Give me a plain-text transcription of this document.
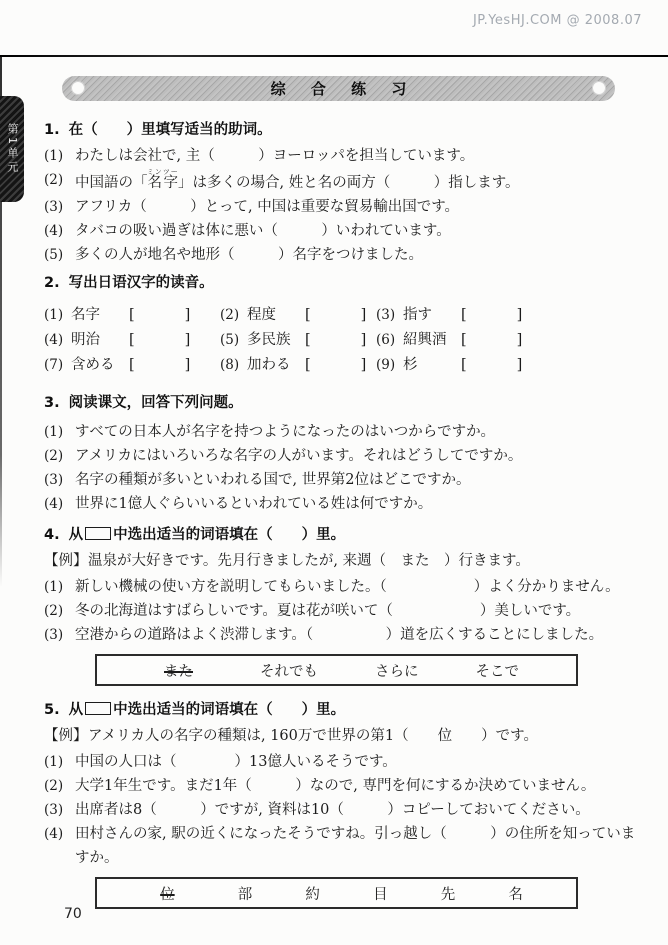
JP.YesHJ.COM @ 2008.07
第1单元
综 合 练 习
1. 在（　　）里填写适当的助词。
(1) わたしは会社で, 主（　　　）ヨーロッパを担当しています。
(2) 中国語の「名字ミンツー」は多くの場合, 姓と名の両方（　　　）指します。
(3) アフリカ（　　　）とって, 中国は重要な貿易輸出国です。
(4) タバコの吸い過ぎは体に悪い（　　　）いわれています。
(5) 多くの人が地名や地形（　　　）名字をつけました。
2. 写出日语汉字的读音。
(1) 名字	[	] (2) 程度	[	] (3) 指す	[	]
(4) 明治	[	] (5) 多民族	[	] (6) 紹興酒	[	]
(7) 含める	[	] (8) 加わる	[	] (9) 杉	[	]
3. 阅读课文，回答下列问题。
(1) すべての日本人が名字を持つようになったのはいつからですか。
(2) アメリカにはいろいろな名字の人がいます。それはどうしてですか。
(3) 名字の種類が多いといわれる国で, 世界第2位はどこですか。
(4) 世界に1億人ぐらいいるといわれている姓は何ですか。
4. 从 中选出适当的词语填在（　　）里。
【例】 温泉が大好きです。先月行きましたが, 来週（　また　）行きます。
(1) 新しい機械の使い方を説明してもらいました。（　　　　　　）よく分かりません。
(2) 冬の北海道はすばらしいです。夏は花が咲いて（　　　　　　）美しいです。
(3) 空港からの道路はよく渋滞します。（　　　　　）道を広くすることにしました。
また	それでも	さらに	そこで
5. 从 中选出适当的词语填在（　　）里。
【例】 アメリカ人の名字の種類は, 160万で世界の第1（　　位　　）です。
(1) 中国の人口は（　　　　）13億人いるそうです。
(2) 大学1年生です。まだ1年（　　　）なので, 専門を何にするか決めていません。
(3) 出席者は8（　　　）ですが, 資料は10（　　　）コピーしておいてください。
(4) 田村さんの家, 駅の近くになったそうですね。引っ越し（　　　）の住所を知っていますか。
位	部	約	目	先	名
70
